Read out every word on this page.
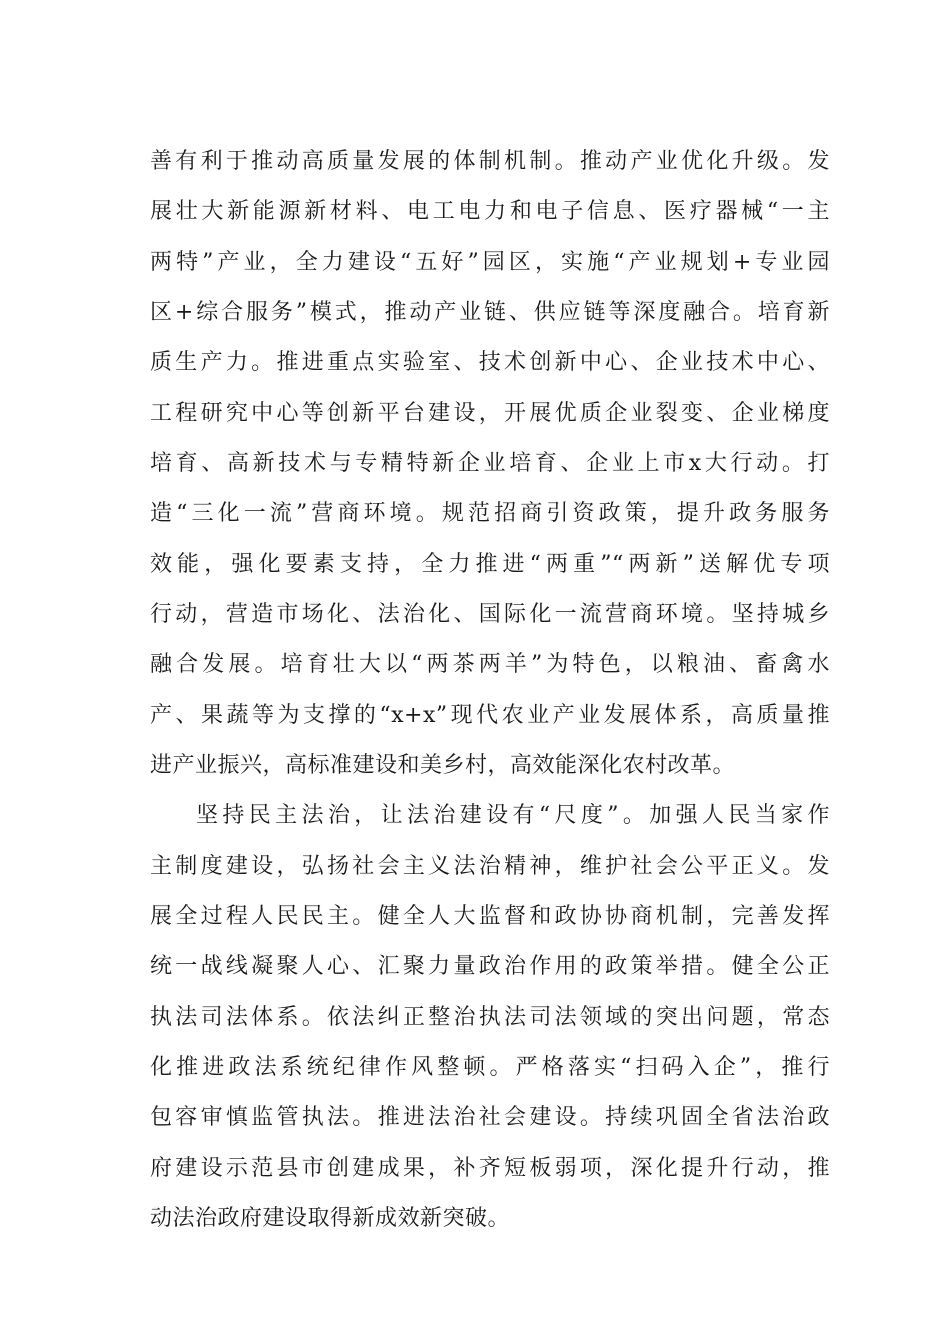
善有利于推动高质量发展的体制机制。推动产业优化升级。发

展壮大新能源新材料、电工电力和电子信息、医疗器械“一主

两特”产业，全力建设“五好”园区，实施“产业规划+专业园

区+综合服务”模式，推动产业链、供应链等深度融合。培育新

质生产力。推进重点实验室、技术创新中心、企业技术中心、

工程研究中心等创新平台建设，开展优质企业裂变、企业梯度

培育、高新技术与专精特新企业培育、企业上市x大行动。打

造“三化一流”营商环境。规范招商引资政策，提升政务服务

效能，强化要素支持，全力推进“两重”“两新”送解优专项

行动，营造市场化、法治化、国际化一流营商环境。坚持城乡

融合发展。培育壮大以“两茶两羊”为特色，以粮油、畜禽水

产、果蔬等为支撑的“x+x”现代农业产业发展体系，高质量推

进产业振兴，高标准建设和美乡村，高效能深化农村改革。

坚持民主法治，让法治建设有“尺度”。加强人民当家作

主制度建设，弘扬社会主义法治精神，维护社会公平正义。发

展全过程人民民主。健全人大监督和政协协商机制，完善发挥

统一战线凝聚人心、汇聚力量政治作用的政策举措。健全公正

执法司法体系。依法纠正整治执法司法领域的突出问题，常态

化推进政法系统纪律作风整顿。严格落实“扫码入企”，推行

包容审慎监管执法。推进法治社会建设。持续巩固全省法治政

府建设示范县市创建成果，补齐短板弱项，深化提升行动，推

动法治政府建设取得新成效新突破。
